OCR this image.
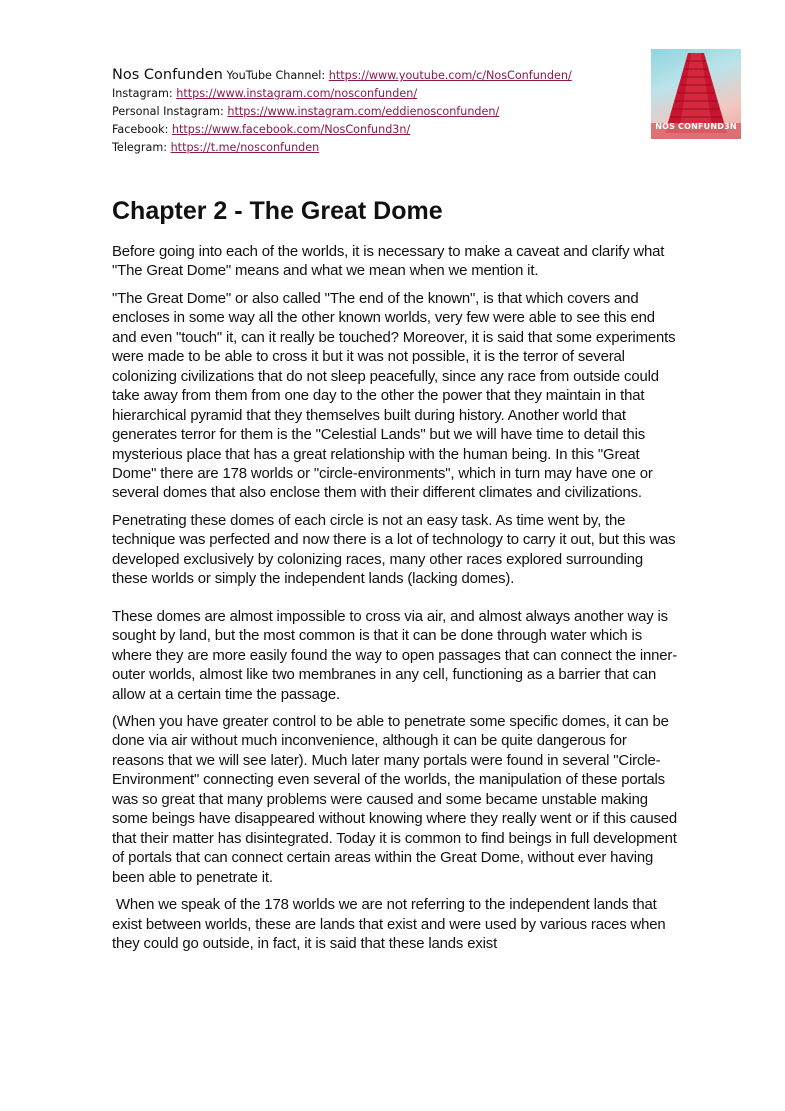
Nos Confunden YouTube Channel: https://www.youtube.com/c/NosConfunden/
Instagram: https://www.instagram.com/nosconfunden/
Personal Instagram: https://www.instagram.com/eddienosconfunden/
Facebook: https://www.facebook.com/NosConfund3n/
Telegram: https://t.me/nosconfunden
NOS CONFUND3N
Chapter 2 - The Great Dome

Before going into each of the worlds, it is necessary to make a caveat and clarify what "The Great Dome" means and what we mean when we mention it.

"The Great Dome" or also called "The end of the known", is that which covers and encloses in some way all the other known worlds, very few were able to see this end and even "touch" it, can it really be touched? Moreover, it is said that some experiments were made to be able to cross it but it was not possible, it is the terror of several colonizing civilizations that do not sleep peacefully, since any race from outside could take away from them from one day to the other the power that they maintain in that hierarchical pyramid that they themselves built during history. Another world that generates terror for them is the "Celestial Lands" but we will have time to detail this mysterious place that has a great relationship with the human being. In this "Great Dome" there are 178 worlds or "circle-environments", which in turn may have one or several domes that also enclose them with their different climates and civilizations.

Penetrating these domes of each circle is not an easy task. As time went by, the technique was perfected and now there is a lot of technology to carry it out, but this was developed exclusively by colonizing races, many other races explored surrounding these worlds or simply the independent lands (lacking domes).

These domes are almost impossible to cross via air, and almost always another way is sought by land, but the most common is that it can be done through water which is where they are more easily found the way to open passages that can connect the inner-outer worlds, almost like two membranes in any cell, functioning as a barrier that can allow at a certain time the passage.

(When you have greater control to be able to penetrate some specific domes, it can be done via air without much inconvenience, although it can be quite dangerous for reasons that we will see later). Much later many portals were found in several "Circle-Environment" connecting even several of the worlds, the manipulation of these portals was so great that many problems were caused and some became unstable making some beings have disappeared without knowing where they really went or if this caused that their matter has disintegrated. Today it is common to find beings in full development of portals that can connect certain areas within the Great Dome, without ever having been able to penetrate it.

When we speak of the 178 worlds we are not referring to the independent lands that exist between worlds, these are lands that exist and were used by various races when they could go outside, in fact, it is said that these lands exist
